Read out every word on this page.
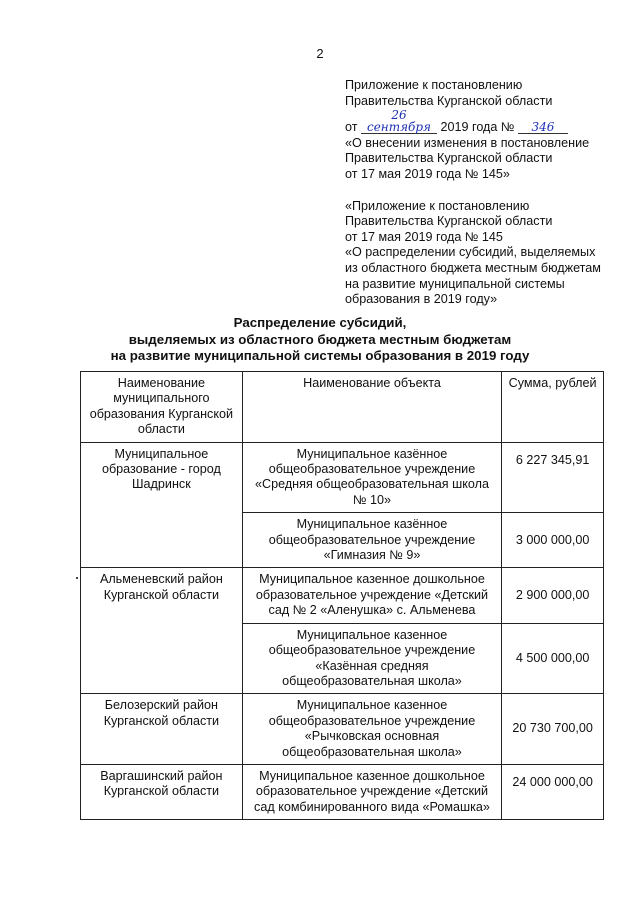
2

Приложение к постановлению

Правительства Курганской области

от 26 сентября 2019 года № 346

«О внесении изменения в постановление

Правительства Курганской области

от 17 мая 2019 года № 145»

«Приложение к постановлению

Правительства Курганской области

от 17 мая 2019 года № 145

«О распределении субсидий, выделяемых

из областного бюджета местным бюджетам

на развитие муниципальной системы

образования в 2019 году»

Распределение субсидий,
выделяемых из областного бюджета местным бюджетам
на развитие муниципальной системы образования в 2019 году
Наименование муниципального образования Курганской области	Наименование объекта	Сумма, рублей
Муниципальное образование - город Шадринск	Муниципальное казённое общеобразовательное учреждение «Средняя общеобразовательная школа № 10»	6 227 345,91
	Муниципальное казённое общеобразовательное учреждение «Гимназия № 9»	3 000 000,00
Альменевский район Курганской области	Муниципальное казенное дошкольное образовательное учреждение «Детский сад № 2 «Аленушка» с. Альменева	2 900 000,00
	Муниципальное казенное общеобразовательное учреждение «Казённая средняя общеобразовательная школа»	4 500 000,00
Белозерский район Курганской области	Муниципальное казенное общеобразовательное учреждение «Рычковская основная общеобразовательная школа»	20 730 700,00
Варгашинский район Курганской области	Муниципальное казенное дошкольное образовательное учреждение «Детский сад комбинированного вида «Ромашка»	24 000 000,00
